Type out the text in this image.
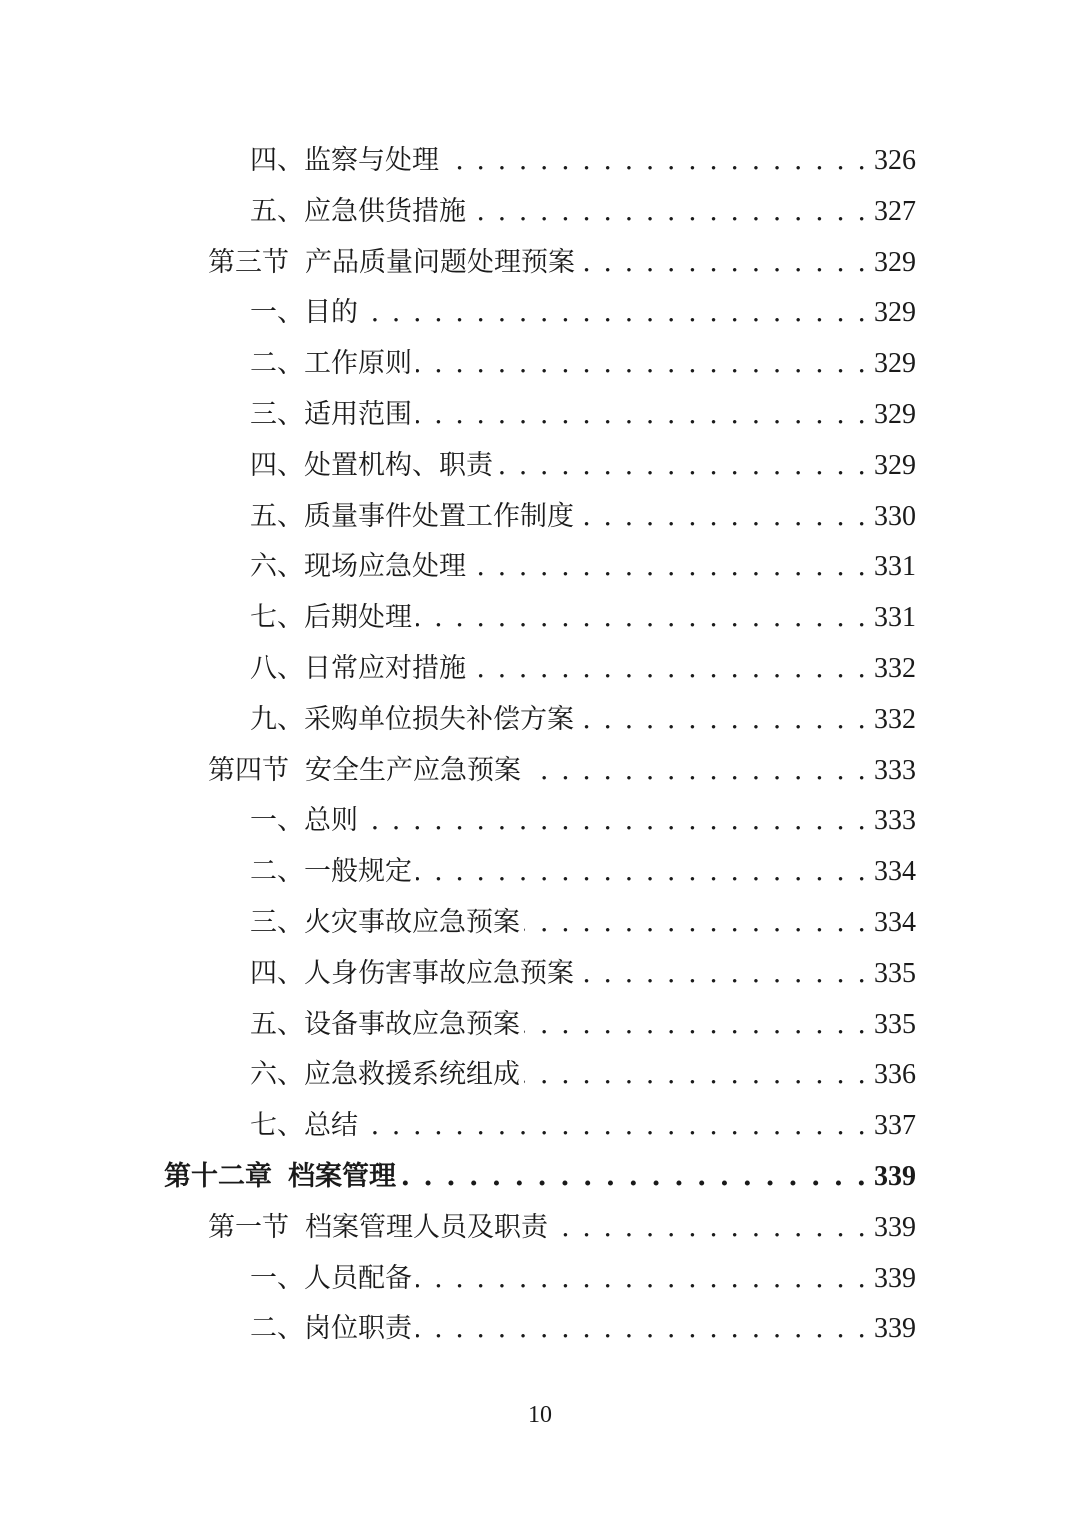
四、 监察与处理 . . .	326
五、 应急供货措施 . . .	327
第三节 产品质量问题处理预案 . . .	329
一、 目的 . . .	329
二、 工作原则 . . .	329
三、 适用范围 . . .	329
四、 处置机构、职责 . . .	329
五、 质量事件处置工作制度 . . .	330
六、 现场应急处理 . . .	331
七、 后期处理 . . .	331
八、 日常应对措施 . . .	332
九、 采购单位损失补偿方案 . . .	332
第四节 安全生产应急预案 . . .	333
一、 总则 . . .	333
二、 一般规定 . . .	334
三、 火灾事故应急预案 . . .	334
四、 人身伤害事故应急预案 . . .	335
五、 设备事故应急预案 . . .	335
六、 应急救援系统组成 . . .	336
七、 总结 . . .	337
第十二章 档案管理 . . .	339
第一节 档案管理人员及职责 . . .	339
一、 人员配备 . . .	339
二、 岗位职责 . . .	339
10
